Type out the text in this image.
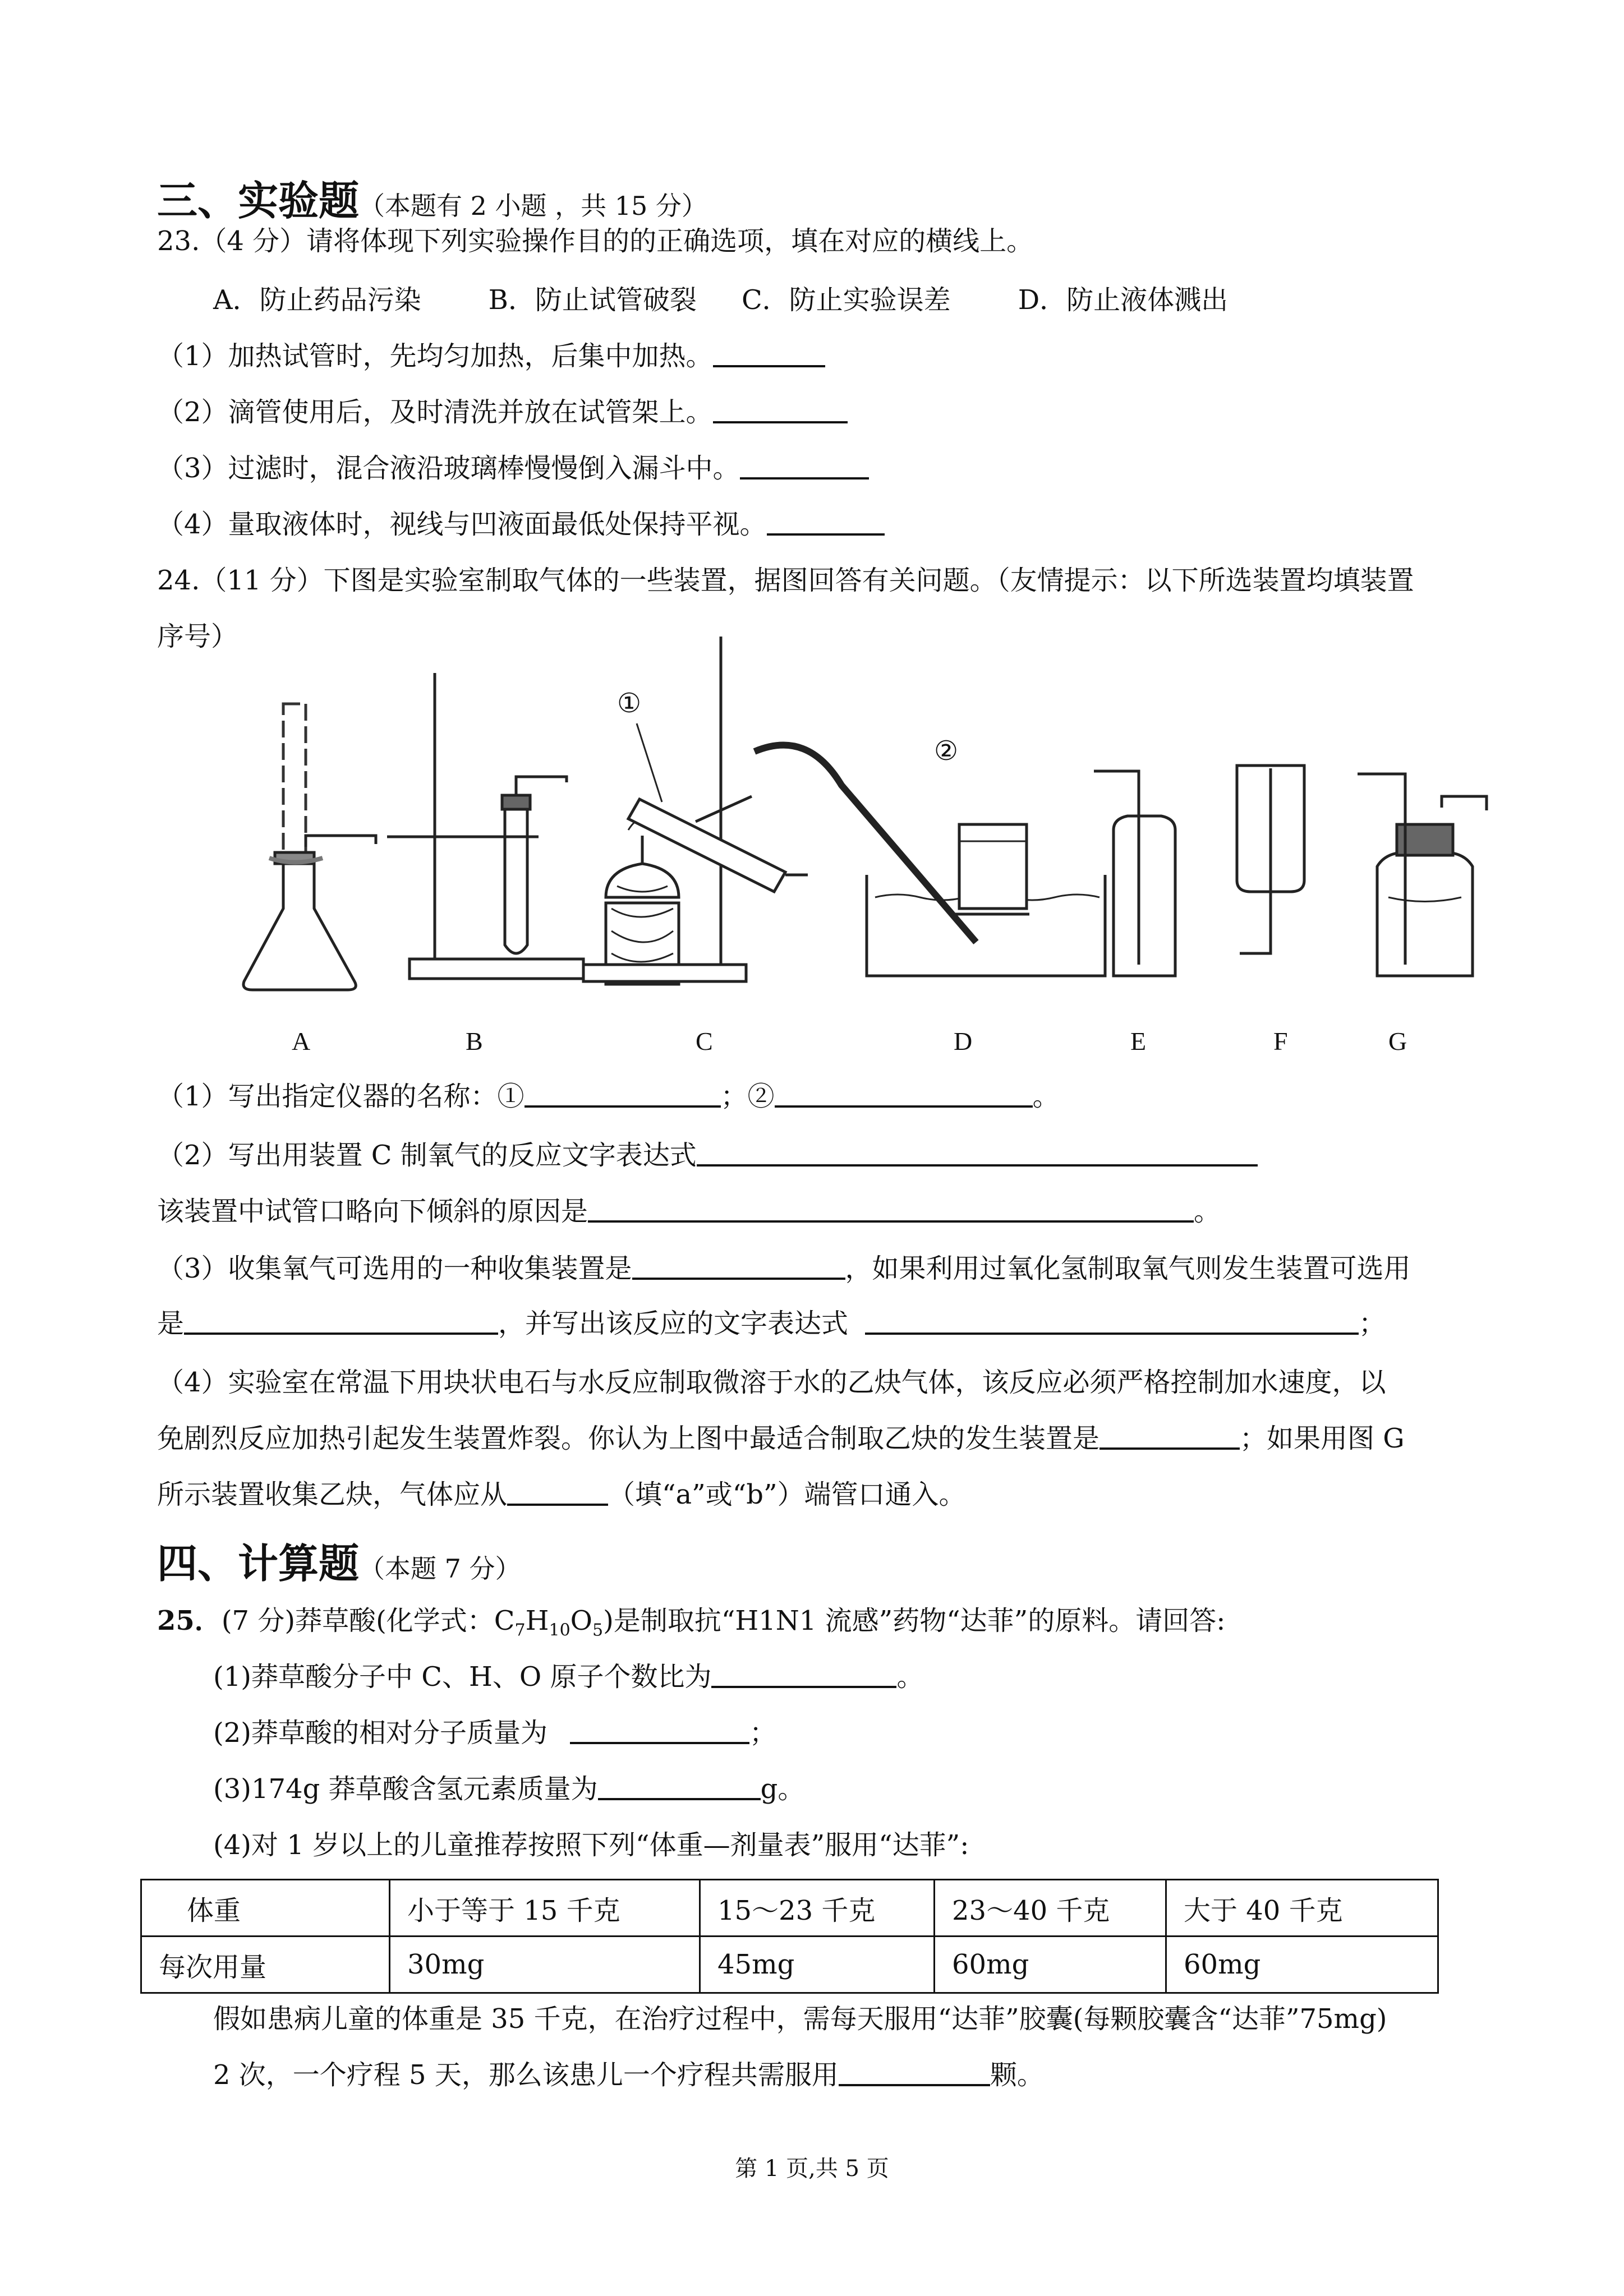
三、实验题（本题有 2 小题 ，共 15 分）
23.（4 分）请将体现下列实验操作目的的正确选项，填在对应的横线上。
A．防止药品污染	B．防止试管破裂 C．防止实验误差	D．防止液体溅出
（1）加热试管时，先均匀加热，后集中加热。
（2）滴管使用后，及时清洗并放在试管架上。
（3）过滤时，混合液沿玻璃棒慢慢倒入漏斗中。
（4）量取液体时，视线与凹液面最低处保持平视。
24.（11 分）下图是实验室制取气体的一些装置，据图回答有关问题。（友情提示：以下所选装置均填装置
序号）
①
②
A	B	C	D	E	F	G
（1）写出指定仪器的名称：①	；②	。
（2）写出用装置 C 制氧气的反应文字表达式
该装置中试管口略向下倾斜的原因是	。
（3）收集氧气可选用的一种收集装置是	，如果利用过氧化氢制取氧气则发生装置可选用
是	，并写出该反应的文字表达式	；
（4）实验室在常温下用块状电石与水反应制取微溶于水的乙炔气体，该反应必须严格控制加水速度，以
免剧烈反应加热引起发生装置炸裂。你认为上图中最适合制取乙炔的发生装置是	；如果用图 G
所示装置收集乙炔，气体应从	（填“a”或“b”）端管口通入。
四、计算题（本题 7 分）
25．(7 分)莽草酸(化学式：$C_7H_{10}O_5$)是制取抗“H1N1 流感”药物“达菲”的原料。请回答:
(1)莽草酸分子中 C、H、O 原子个数比为	。
(2)莽草酸的相对分子质量为	；
(3)174g 莽草酸含氢元素质量为	g。
(4)对 1 岁以上的儿童推荐按照下列“体重—剂量表”服用“达菲”:
体重	小于等于 15 千克	15～23 千克	23～40 千克	大于 40 千克
每次用量	30mg	45mg	60mg	60mg
假如患病儿童的体重是 35 千克，在治疗过程中，需每天服用“达菲”胶囊(每颗胶囊含“达菲”75mg)
2 次，一个疗程 5 天，那么该患儿一个疗程共需服用	颗。
第 1 页,共 5 页
